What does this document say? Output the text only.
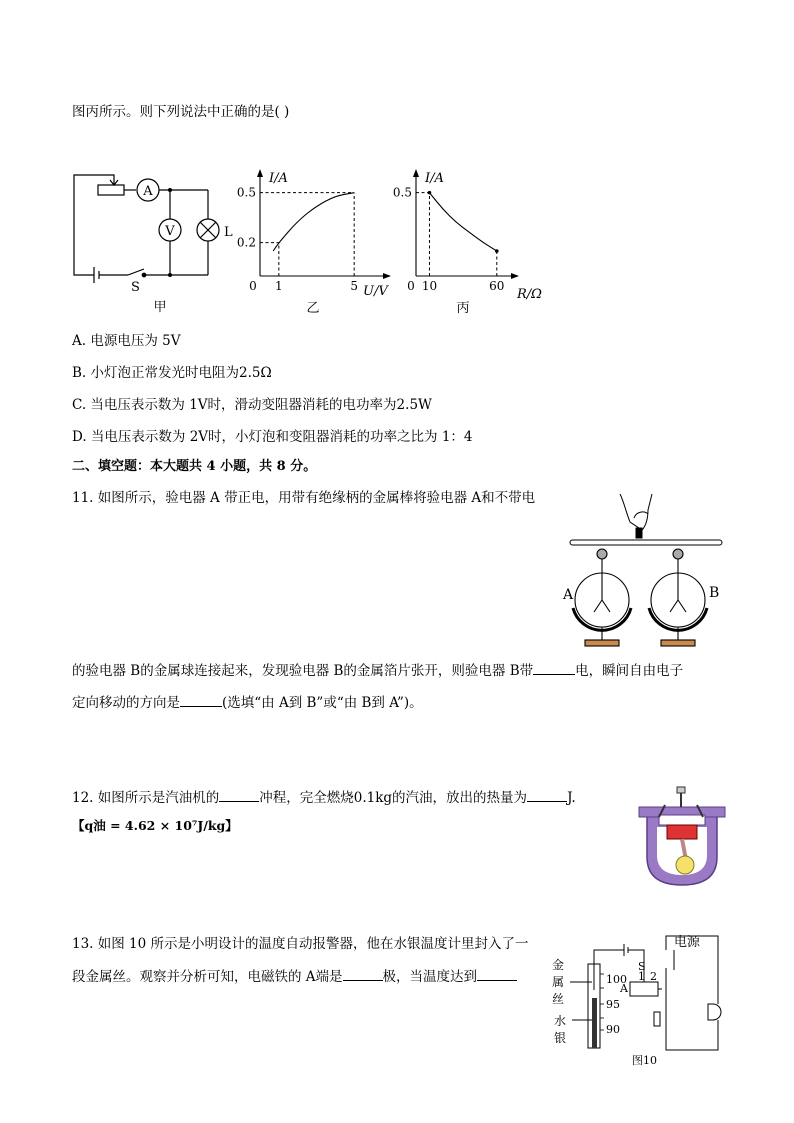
图丙所示。则下列说法中正确的是( )
A
V	L
S
甲
1	5
0.2
0.5
I/A
U/V
0
乙
10	60
0.5
I/A
R/Ω
0
丙
A. 电源电压为 5V
B. 小灯泡正常发光时电阻为2.5Ω
C. 当电压表示数为 1V时，滑动变阻器消耗的电功率为2.5W
D. 当电压表示数为 2V时，小灯泡和变阻器消耗的功率之比为 1：4
二、填空题：本大题共 4 小题，共 8 分。
11. 如图所示，验电器 A 带正电，用带有绝缘柄的金属棒将验电器 A和不带电
A	B
的验电器 B的金属球连接起来，发现验电器 B的金属箔片张开，则验电器 B带	电，瞬间自由电子
定向移动的方向是	(选填“由 A到 B”或“由 B到 A”)。
12. 如图所示是汽油机的	冲程，完全燃烧0.1kg的汽油，放出的热量为	J.
【q油 = 4.62 × 10⁷J/kg】
13. 如图 10 所示是小明设计的温度自动报警器，他在水银温度计里封入了一
段金属丝。观察并分析可知，电磁铁的 A端是	极，当温度达到	100
95
90
金
属
丝
水
银
电源
S
A
1 2
图10
